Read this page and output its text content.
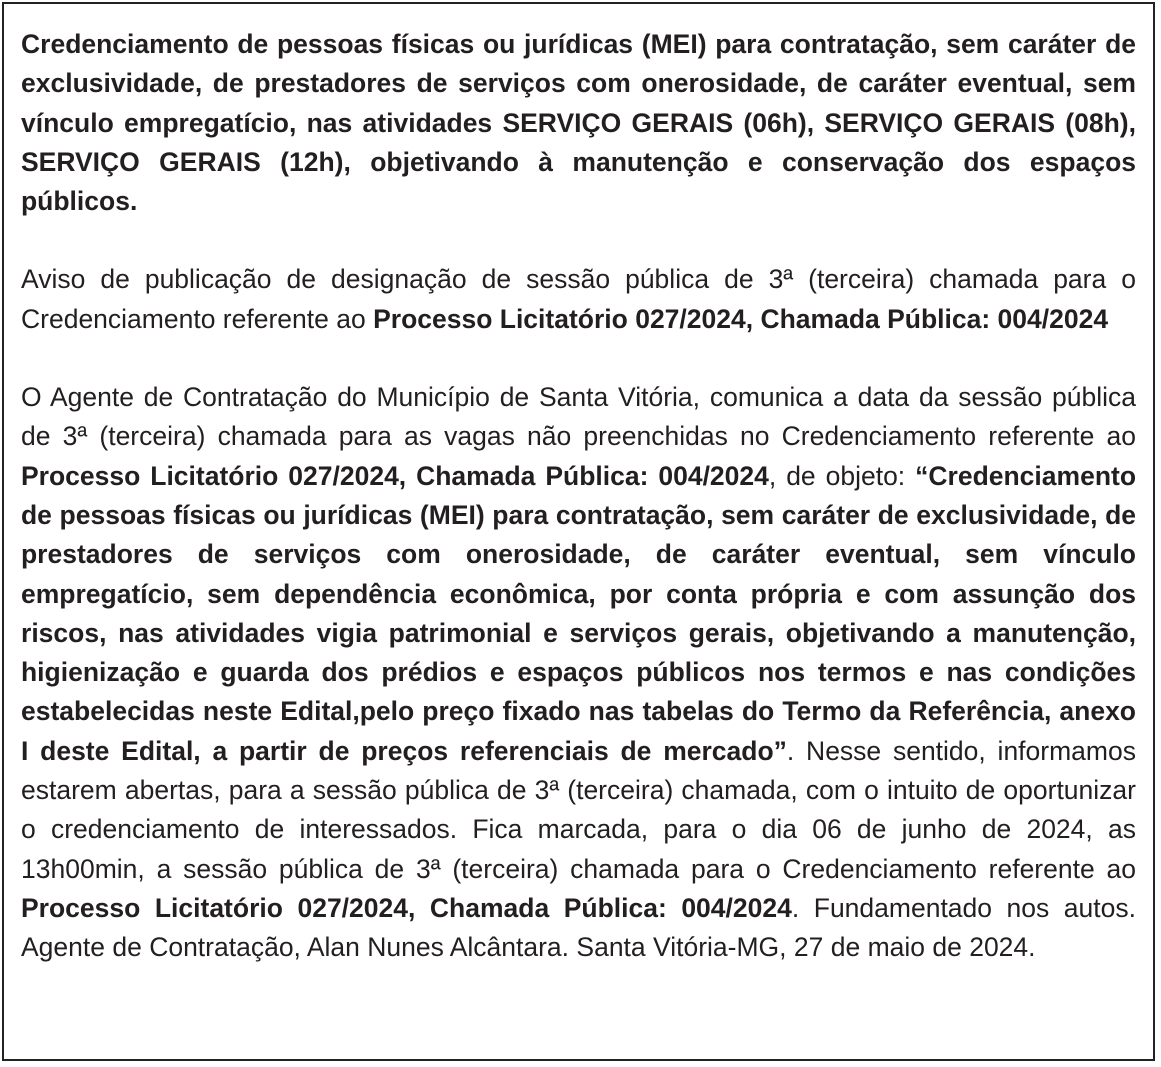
Credenciamento de pessoas físicas ou jurídicas (MEI) para contratação, sem caráter de exclusividade, de prestadores de serviços com onerosidade, de caráter eventual, sem vínculo empregatício, nas atividades SERVIÇO GERAIS (06h), SERVIÇO GERAIS (08h), SERVIÇO GERAIS (12h), objetivando à manutenção e conservação dos espaços públicos.

Aviso de publicação de designação de sessão pública de 3ª (terceira) chamada para o Credenciamento referente ao Processo Licitatório 027/2024, Chamada Pública: 004/2024

O Agente de Contratação do Município de Santa Vitória, comunica a data da sessão pública de 3ª (terceira) chamada para as vagas não preenchidas no Credenciamento referente ao Processo Licitatório 027/2024, Chamada Pública: 004/2024, de objeto: “Credenciamento de pessoas físicas ou jurídicas (MEI) para contratação, sem caráter de exclusividade, de prestadores de serviços com onerosidade, de caráter eventual, sem vínculo empregatício, sem dependência econômica, por conta própria e com assunção dos riscos, nas atividades vigia patrimonial e serviços gerais, objetivando a manutenção, higienização e guarda dos prédios e espaços públicos nos termos e nas condições estabelecidas neste Edital,pelo preço fixado nas tabelas do Termo da Referência, anexo I deste Edital, a partir de preços referenciais de mercado”. Nesse sentido, informamos estarem abertas, para a sessão pública de 3ª (terceira) chamada, com o intuito de oportunizar o credenciamento de interessados. Fica marcada, para o dia 06 de junho de 2024, as 13h00min, a sessão pública de 3ª (terceira) chamada para o Credenciamento referente ao Processo Licitatório 027/2024, Chamada Pública: 004/2024. Fundamentado nos autos. Agente de Contratação, Alan Nunes Alcântara. Santa Vitória-MG, 27 de maio de 2024.
